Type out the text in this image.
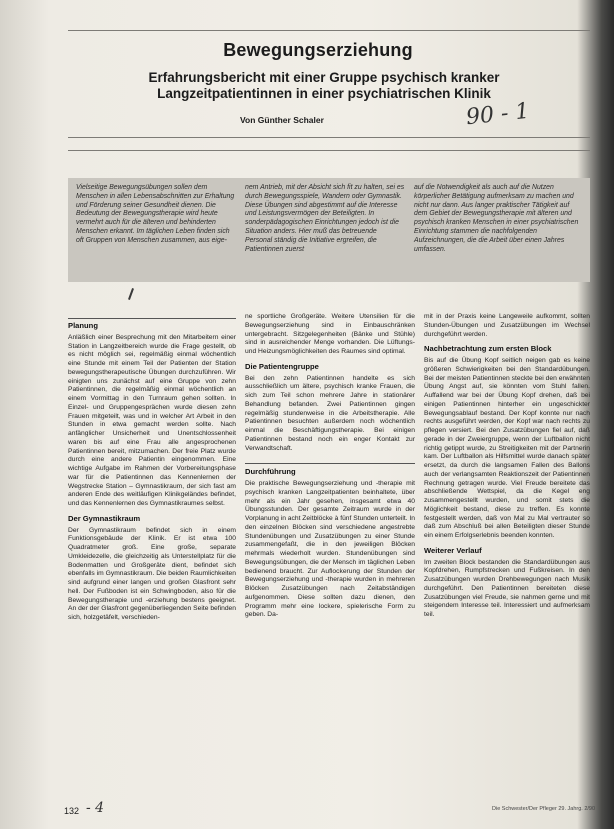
Bewegungserziehung
Erfahrungsbericht mit einer Gruppe psychisch kranker
Langzeitpatientinnen in einer psychiatrischen Klinik
Von Günther Schaler	90 - 1
Vielseitige Bewegungsübungen sollen dem Menschen in allen Lebensabschnitten zur Erhaltung und Förderung seiner Gesundheit dienen. Die Bedeutung der Bewegungstherapie wird heute vermehrt auch für die älteren und behinderten Menschen erkannt. Im täglichen Leben finden sich oft Gruppen von Menschen zusammen, aus eige-
nem Antrieb, mit der Absicht sich fit zu halten, sei es durch Bewegungsspiele, Wandern oder Gymnastik. Diese Übungen sind abgestimmt auf die Interesse und Leistungsvermögen der Beteiligten. In sonderpädagogischen Einrichtungen jedoch ist die Situation anders. Hier muß das betreuende Personal ständig die Initiative ergreifen, die Patientinnen zuerst
auf die Notwendigkeit als auch auf die Nutzen körperlicher Betätigung aufmerksam zu machen und nicht nur dann. Aus langer praktischer Tätigkeit auf dem Gebiet der Bewegungstherapie mit älteren und psychisch kranken Menschen in einer psychiatrischen Einrichtung stammen die nachfolgenden Aufzeichnungen, die die Arbeit über einen Jahres umfassen.
Planung

Anläßlich einer Besprechung mit den Mitarbeitern einer Station in Langzeitbereich wurde die Frage gestellt, ob es nicht möglich sei, regelmäßig einmal wöchentlich eine Stunde mit einem Teil der Patienten der Station bewegungstherapeutische Übungen durchzuführen. Wir einigten uns zunächst auf eine Gruppe von zehn Patientinnen, die regelmäßig einmal wöchentlich an einem Vormittag in den Turnraum gehen sollten. In Einzel- und Gruppengesprächen wurde diesen zehn Frauen mitgeteilt, was und in welcher Art Arbeit in den Stunden in etwa gemacht werden sollte. Nach anfänglicher Unsicherheit und Unentschlossenheit waren bis auf eine Frau alle angesprochenen Patientinnen bereit, mitzumachen. Der freie Platz wurde durch eine andere Patientin eingenommen. Eine wichtige Aufgabe im Rahmen der Vorbereitungsphase war für die Patientinnen das Kennenlernen der Wegstrecke Station – Gymnastikraum, der sich fast am anderen Ende des weitläufigen Klinikgeländes befindet, und das Kennenlernen des Gymnastikraumes selbst.

Der Gymnastikraum

Der Gymnastikraum befindet sich in einem Funktionsgebäude der Klinik. Er ist etwa 100 Quadratmeter groß. Eine große, separate Umkleidezelle, die gleichzeitig als Unterstellplatz für die Bodenmatten und Großgeräte dient, befindet sich ebenfalls im Gymnastikraum. Die beiden Raumlichkeiten sind aufgrund einer langen und großen Glasfront sehr hell. Der Fußboden ist ein Schwingboden, also für die Bewegungstherapie und -erziehung bestens geeignet. An der der Glasfront gegenüberliegenden Seite befinden sich, holzgetäfelt, verschieden-

ne sportliche Großgeräte. Weitere Utensilien für die Bewegungserziehung sind in Einbauschränken untergebracht. Sitzgelegenheiten (Bänke und Stühle) sind in ausreichender Menge vorhanden. Die Lüftungs- und Heizungsmöglichkeiten des Raumes sind optimal.

Die Patientengruppe

Bei den zehn Patientinnen handelte es sich ausschließlich um ältere, psychisch kranke Frauen, die sich zum Teil schon mehrere Jahre in stationärer Behandlung befanden. Zwei Patientinnen gingen regelmäßig stundenweise in die Arbeitstherapie. Alle Patientinnen besuchten außerdem noch wöchentlich einmal die Beschäftigungstherapie. Bei einigen Patientinnen bestand noch ein enger Kontakt zur Verwandtschaft.

Durchführung

Die praktische Bewegungserziehung und -therapie mit psychisch kranken Langzeitpatienten beinhaltete, über mehr als ein Jahr gesehen, insgesamt etwa 40 Übungsstunden. Der gesamte Zeitraum wurde in der Vorplanung in acht Zeitblöcke à fünf Stunden unterteilt. In den einzelnen Blöcken sind verschiedene angestrebte Stundenübungen und Zusatzübungen zu einer Stunde zusammengefaßt, die in den jeweiligen Blöcken mehrmals wiederholt wurden. Stundenübungen sind Bewegungsübungen, die der Mensch im täglichen Leben bedienend braucht. Zur Auflockerung der Stunden der Bewegungserziehung und -therapie wurden in mehreren Blöcken Zusatzübungen nach Zeitabständigen aufgenommen. Diese sollten dazu dienen, den Programm mehr eine lockere, spielerische Form zu geben. Da-

mit in der Praxis keine Langeweile aufkommt, sollten Stunden-Übungen und Zusatzübungen im Wechsel durchgeführt werden.

Nachbetrachtung zum ersten Block

Bis auf die Übung Kopf seitlich neigen gab es keine größeren Schwierigkeiten bei den Standardübungen. Bei der meisten Patientinnen steckte bei den erwähnten Übung Angst auf, sie könnten vom Stuhl fallen. Auffallend war bei der Übung Kopf drehen, daß bei einigen Patientinnen hinterher ein ungeschickter Bewegungsablauf bestand. Der Kopf konnte nur nach rechts ausgeführt werden, der Kopf war nach rechts zu pflegen versiert. Bei den Zusatzübungen fiel auf, daß gerade in der Zweiergruppe, wenn der Luftballon nicht richtig getippt wurde, zu Streitigkeiten mit der Partnerin kam. Der Luftballon als Hilfsmittel wurde danach später ersetzt, da durch die langsamen Fallen des Ballons auch der verlangsamten Reaktionszeit der Patientinnen Rechnung getragen wurde. Viel Freude bereitete das abschließende Wettspiel, da die Kegel eng zusammengestellt wurden, und somit stets die Möglichkeit bestand, diese zu treffen. Es konnte festgestellt werden, daß von Mal zu Mal vertrauter so daß zum Abschluß bei allen Beteiligten dieser Stunde ein einem Erfolgserlebnis beenden konnten.

Weiterer Verlauf

Im zweiten Block bestanden die Standardübungen aus Kopfdrehen, Rumpfstrecken und Fußkreisen. In den Zusatzübungen wurden Drehbewegungen nach Musik durchgeführt. Den Patientinnen bereiteten diese Zusatzübungen viel Freude, sie nahmen gerne und mit steigendem Interesse teil. Interessiert und aufmerksam teil.

132 - 4	Die Schwester/Der Pfleger 29. Jahrg. 2/90
